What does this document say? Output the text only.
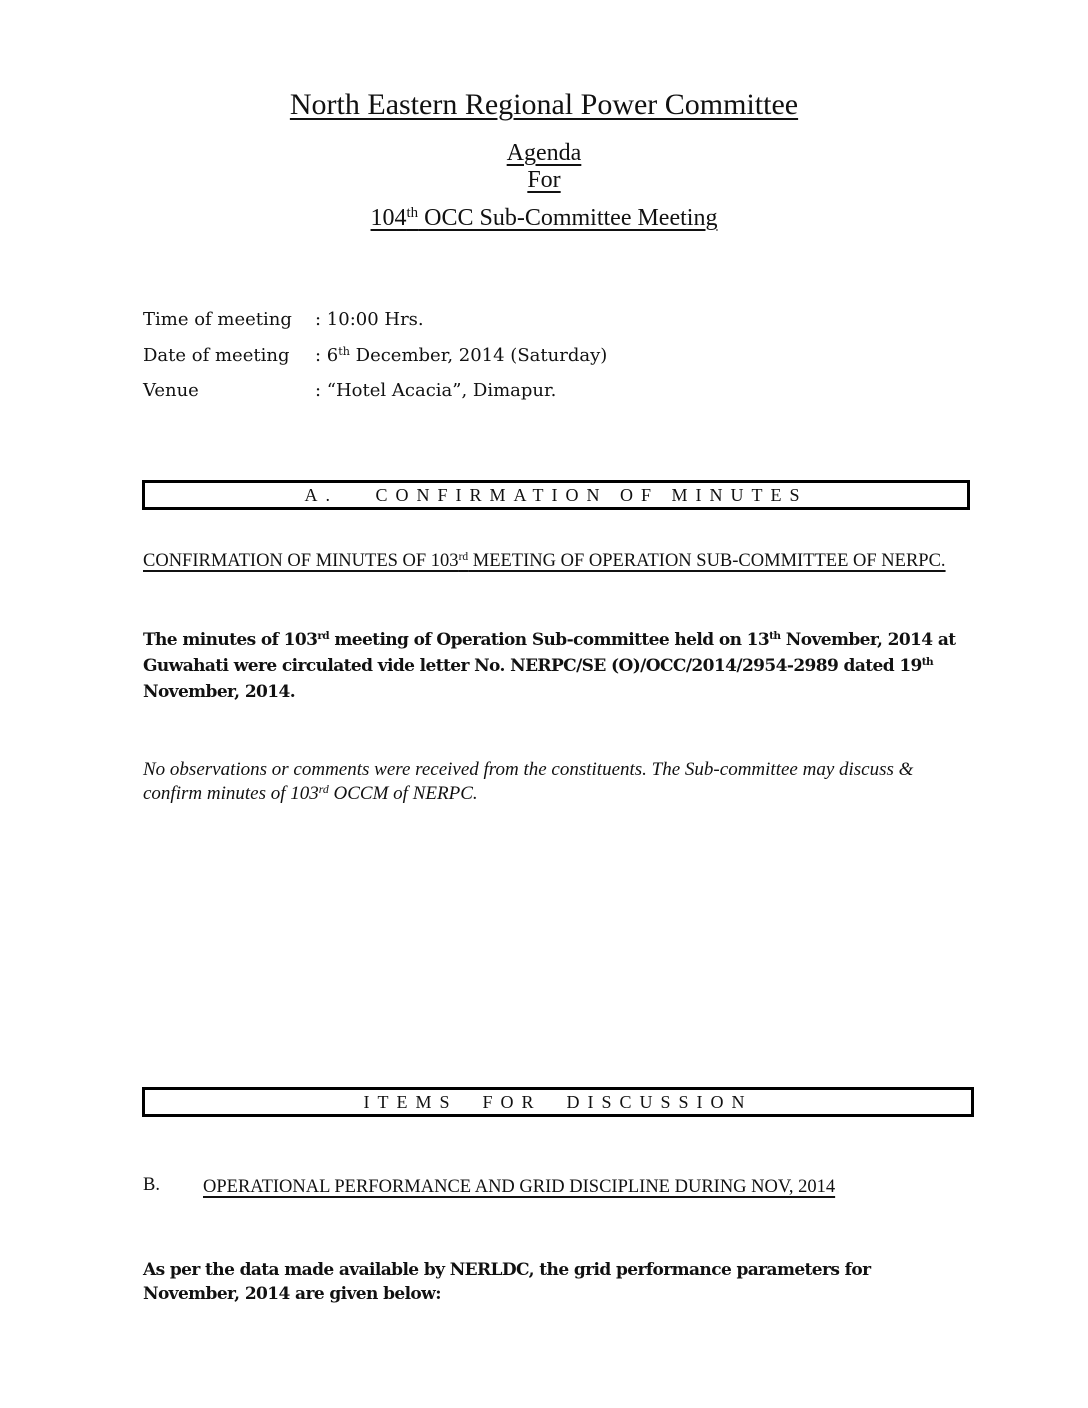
North Eastern Regional Power Committee
Agenda
For
104th OCC Sub-Committee Meeting
Time of meeting : 10:00 Hrs.
Date of meeting : 6th December, 2014 (Saturday)
Venue	: “Hotel Acacia”, Dimapur.
A.   CONFIRMATION OF MINUTES
CONFIRMATION OF MINUTES OF 103rd MEETING OF OPERATION SUB-COMMITTEE OF NERPC.
The minutes of 103rd meeting of Operation Sub-committee held on 13th November, 2014 at Guwahati were circulated vide letter No. NERPC/SE (O)/OCC/2014/2954-2989 dated 19th November, 2014.
No observations or comments were received from the constituents. The Sub-committee may discuss & confirm minutes of 103rd OCCM of NERPC.
ITEMS  FOR  DISCUSSION
B. OPERATIONAL PERFORMANCE AND GRID DISCIPLINE DURING NOV, 2014
As per the data made available by NERLDC, the grid performance parameters for November, 2014 are given below:
